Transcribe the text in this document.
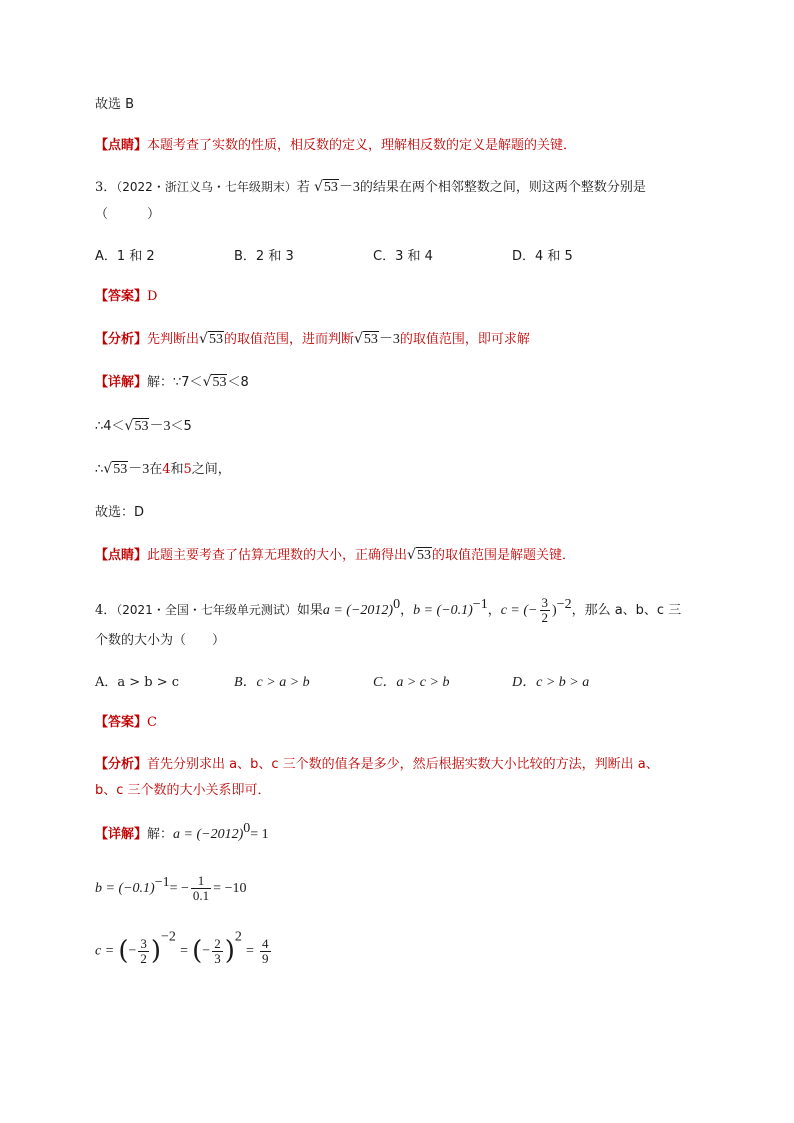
故选 B
【点睛】本题考查了实数的性质，相反数的定义，理解相反数的定义是解题的关键．
3．（2022・浙江义乌・七年级期末）若 √53－3的结果在两个相邻整数之间，则这两个整数分别是
（　　　）
A．1 和 2	B．2 和 3	C．3 和 4	D．4 和 5
【答案】D
【分析】先判断出√53的取值范围，进而判断√53－3的取值范围，即可求解
【详解】解：∵7＜√53＜8
∴4＜√53－3＜5
∴√53－3在4和5之间，
故选：D
【点睛】此题主要考查了估算无理数的大小，正确得出√53的取值范围是解题关键．
4．（2021・全国・七年级单元测试）如果$a = (-2012)^0$，$b = (-0.1)^{-1}$，c = (− $\frac{3}{2} )^{-2}$，那么 a、b、c 三
个数的大小为（　　）
A．a > b > c	B．c > a > b	C．a > c > b	D．c > b > a
【答案】C
【分析】首先分别求出 a、b、c 三个数的值各是多少，然后根据实数大小比较的方法，判断出 a、
b、c 三个数的大小关系即可．
【详解】解：$a = (-2012)^0= 1$
$b = (-0.1)^{-1}= - \frac{1}{0.1} = -10$
c = (− $\frac{3}{2} )^{-2}$ = (− $\frac{2}{3} )^2 = \frac{4}{9}$
